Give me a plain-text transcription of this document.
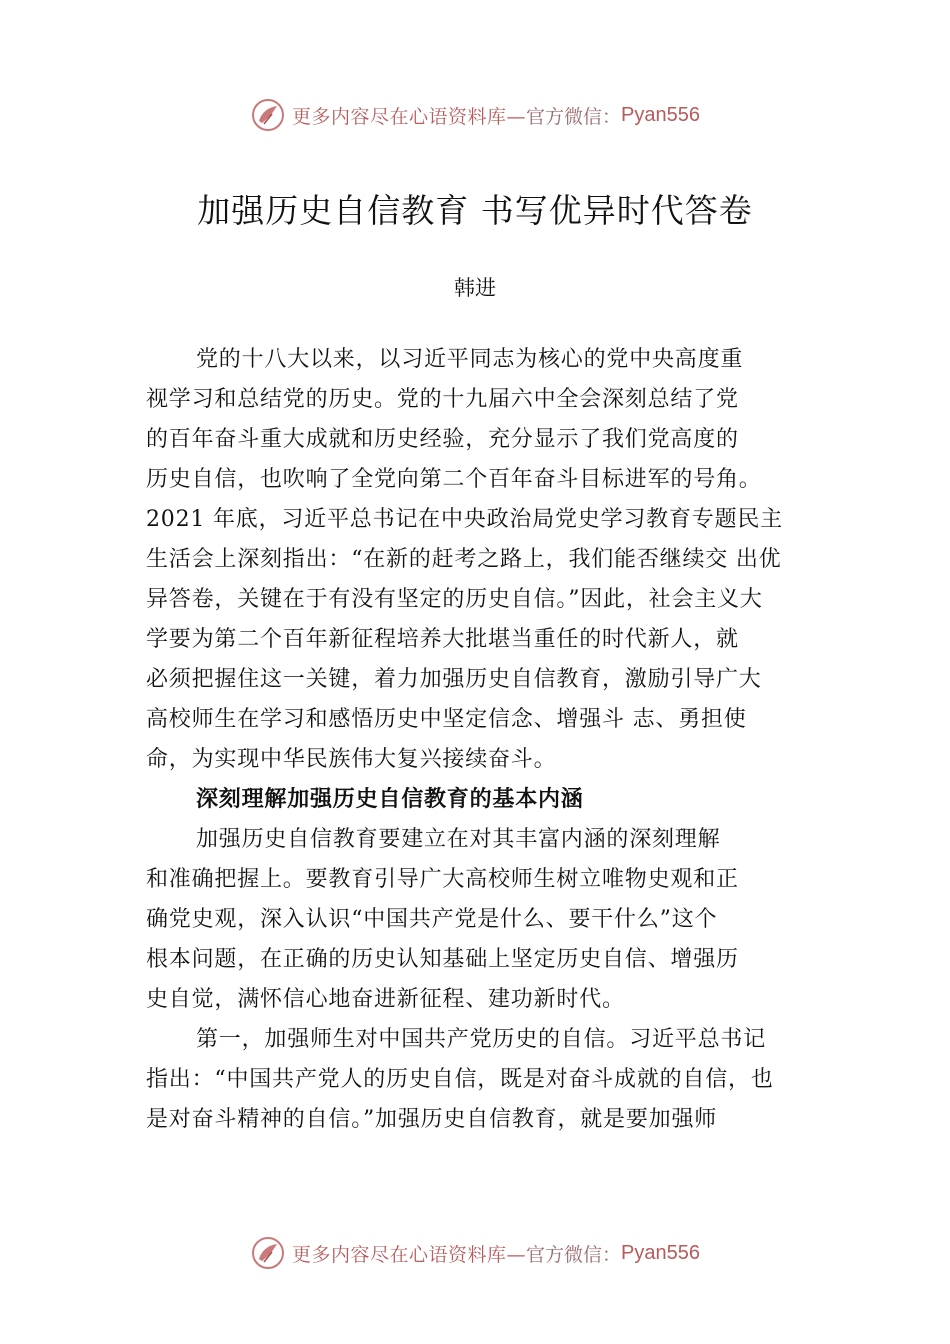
更多内容尽在心语资料库— 官方微信： Pyan556
加强历史自信教育 书写优异时代答卷
韩进
党的十八大以来，以习近平同志为核心的党中央高度重
视学习和总结党的历史。党的十九届六中全会深刻总结了党
的百年奋斗重大成就和历史经验，充分显示了我们党高度的
历史自信，也吹响了全党向第二个百年奋斗目标进军的号角。
2021 年底，习近平总书记在中央政治局党史学习教育专题民主
生活会上深刻指出：“在新的赶考之路上，我们能否继续交 出优
异答卷，关键在于有没有坚定的历史自信。”因此，社会主义大
学要为第二个百年新征程培养大批堪当重任的时代新人，就
必须把握住这一关键，着力加强历史自信教育，激励引导广大
高校师生在学习和感悟历史中坚定信念、增强斗 志、勇担使
命，为实现中华民族伟大复兴接续奋斗。
深刻理解加强历史自信教育的基本内涵
加强历史自信教育要建立在对其丰富内涵的深刻理解
和准确把握上。要教育引导广大高校师生树立唯物史观和正
确党史观，深入认识“中国共产党是什么、要干什么”这个
根本问题，在正确的历史认知基础上坚定历史自信、增强历
史自觉，满怀信心地奋进新征程、建功新时代。
第一，加强师生对中国共产党历史的自信。习近平总书记
指出：“中国共产党人的历史自信，既是对奋斗成就的自信，也
是对奋斗精神的自信。”加强历史自信教育，就是要加强师
更多内容尽在心语资料库— 官方微信： Pyan556
